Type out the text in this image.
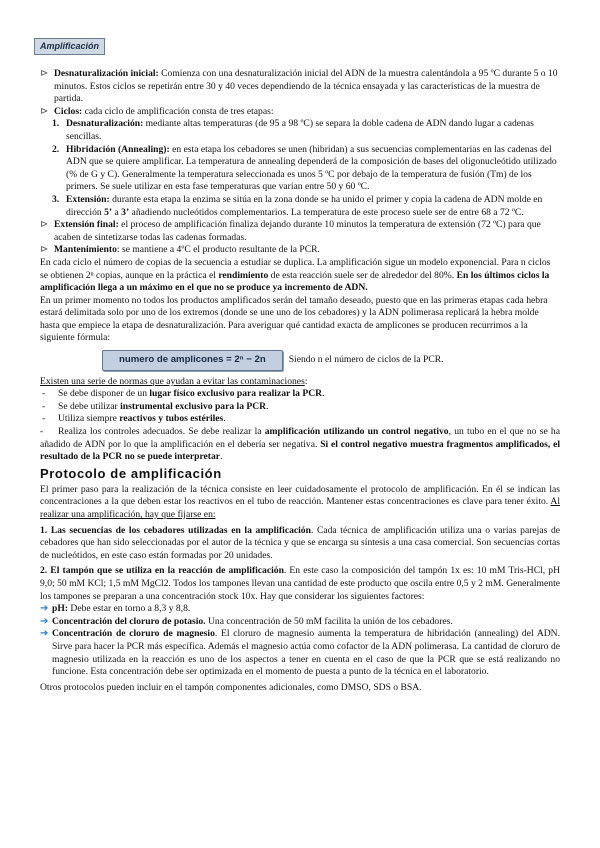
Amplificación

⊳ Desnaturalización inicial: Comienza con una desnaturalización inicial del ADN de la muestra calentándola a 95 ºC durante 5 o 10 minutos. Estos ciclos se repetirán entre 30 y 40 veces dependiendo de la técnica ensayada y las características de la muestra de partida.

⊳ Ciclos: cada ciclo de amplificación consta de tres etapas:

1. Desnaturalización: mediante altas temperaturas (de 95 a 98 ºC) se separa la doble cadena de ADN dando lugar a cadenas sencillas.

2. Hibridación (Annealing): en esta etapa los cebadores se unen (hibridan) a sus secuencias complementarias en las cadenas del ADN que se quiere amplificar. La temperatura de annealing dependerá de la composición de bases del oligonucleótido utilizado (% de G y C). Generalmente la temperatura seleccionada es unos 5 ºC por debajo de la temperatura de fusión (Tm) de los primers. Se suele utilizar en esta fase temperaturas que varían entre 50 y 60 ºC.

3. Extensión: durante esta etapa la enzima se sitúa en la zona donde se ha unido el primer y copia la cadena de ADN molde en dirección 5’ a 3’ añadiendo nucleótidos complementarios. La temperatura de este proceso suele ser de entre 68 a 72 ºC.

⊳ Extensión final: el proceso de amplificación finaliza dejando durante 10 minutos la temperatura de extensión (72 ºC) para que acaben de sintetizarse todas las cadenas formadas.

⊳ Mantenimiento: se mantiene a 4ºC el producto resultante de la PCR.

En cada ciclo el número de copias de la secuencia a estudiar se duplica. La amplificación sigue un modelo exponencial. Para n ciclos se obtienen 2ⁿ copias, aunque en la práctica el rendimiento de esta reacción suele ser de alrededor del 80%. En los últimos ciclos la amplificación llega a un máximo en el que no se produce ya incremento de ADN.

En un primer momento no todos los productos amplificados serán del tamaño deseado, puesto que en las primeras etapas cada hebra estará delimitada solo por uno de los extremos (donde se une uno de los cebadores) y la ADN polimerasa replicará la hebra molde hasta que empiece la etapa de desnaturalización. Para averiguar qué cantidad exacta de amplicones se producen recurrimos a la siguiente fórmula:

numero de amplicones = 2ⁿ − 2n	Siendo n el número de ciclos de la PCR.

Existen una serie de normas que ayudan a evitar las contaminaciones:

- Se debe disponer de un lugar físico exclusivo para realizar la PCR.

- Se debe utilizar instrumental exclusivo para la PCR.

- Utiliza siempre reactivos y tubos estériles.

- Realiza los controles adecuados. Se debe realizar la amplificación utilizando un control negativo, un tubo en el que no se ha añadido de ADN por lo que la amplificación en el debería ser negativa. Si el control negativo muestra fragmentos amplificados, el resultado de la PCR no se puede interpretar.

Protocolo de amplificación

El primer paso para la realización de la técnica consiste en leer cuidadosamente el protocolo de amplificación. En él se indican las concentraciones a la que deben estar los reactivos en el tubo de reacción. Mantener estas concentraciones es clave para tener éxito. Al realizar una amplificación, hay que fijarse en:

1. Las secuencias de los cebadores utilizadas en la amplificación. Cada técnica de amplificación utiliza una o varias parejas de cebadores que han sido seleccionadas por el autor de la técnica y que se encarga su síntesis a una casa comercial. Son secuencias cortas de nucleótidos, en este caso están formadas por 20 unidades.

2. El tampón que se utiliza en la reacción de amplificación. En este caso la composición del tampón 1x es: 10 mM Tris-HCl, pH 9,0; 50 mM KCl; 1,5 mM MgCl2. Todos los tampones llevan una cantidad de este producto que oscila entre 0,5 y 2 mM. Generalmente los tampones se preparan a una concentración stock 10x. Hay que considerar los siguientes factores:

➔ pH: Debe estar en torno a 8,3 y 8,8.

➔ Concentración del cloruro de potasio. Una concentración de 50 mM facilita la unión de los cebadores.

➔ Concentración de cloruro de magnesio. El cloruro de magnesio aumenta la temperatura de hibridación (annealing) del ADN. Sirve para hacer la PCR más específica. Además el magnesio actúa como cofactor de la ADN polimerasa. La cantidad de cloruro de magnesio utilizada en la reacción es uno de los aspectos a tener en cuenta en el caso de que la PCR que se está realizando no funcione. Esta concentración debe ser optimizada en el momento de puesta a punto de la técnica en el laboratorio.

Otros protocolos pueden incluir en el tampón componentes adicionales, como DMSO, SDS o BSA.
